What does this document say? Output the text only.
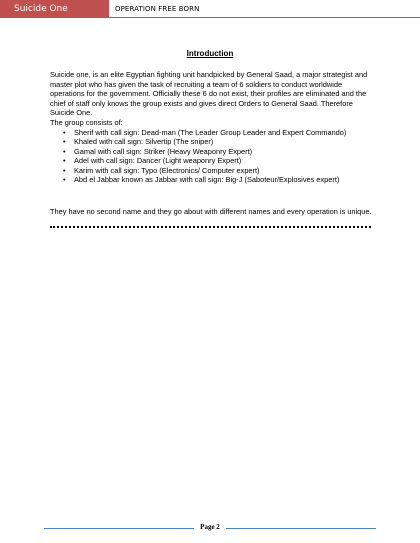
Suicide One	OPERATION FREE BORN
Introduction
Suicide one, is an elite Egyptian fighting unit handpicked by General Saad, a major strategist and master plot who has given the task of recruiting a team of 6 soldiers to conduct worldwide operations for the government. Officially these 6 do not exist, their profiles are eliminated and the chief of staff only knows the group exists and gives direct Orders to General Saad. Therefore Suicide One.
The group consists of:
• Sherif with call sign: Dead-man (The Leader Group Leader and Expert Commando)
• Khaled with call sign: Silvertip (The sniper)
• Gamal with call sign: Striker (Heavy Weaponry Expert)
• Adel with call sign: Dancer (Light weaponry Expert)
• Karim with call sign: Typo (Electronics/ Computer expert)
• Abd el Jabbar known as Jabbar with call sign: Big-J (Saboteur/Explosives expert)
They have no second name and they go about with different names and every operation is unique.
Page 2
